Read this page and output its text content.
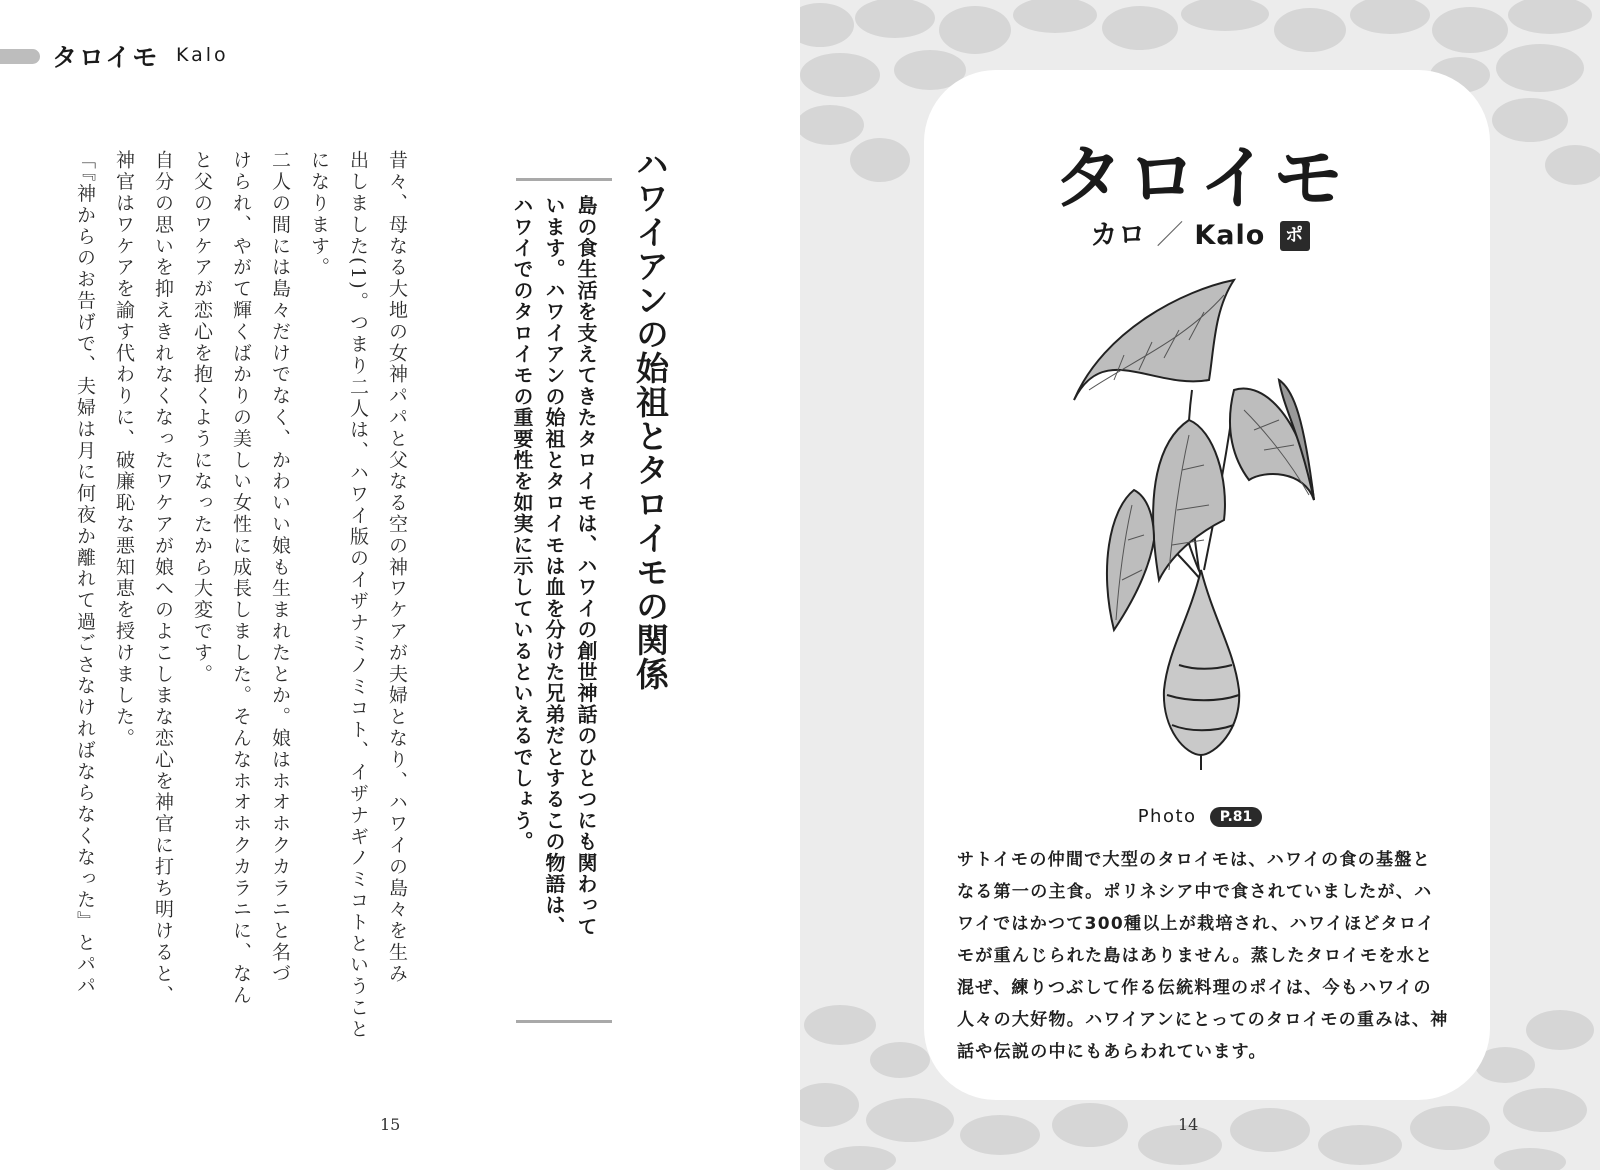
タロイモ Kalo
ハワイアンの始祖とタロイモの関係
島の食生活を支えてきたタロイモは、ハワイの創世神話のひとつにも関わって
います。ハワイアンの始祖とタロイモは血を分けた兄弟だとするこの物語は、
ハワイでのタロイモの重要性を如実に示しているといえるでしょう。
昔々、母なる大地の女神パパと父なる空の神ワケアが夫婦となり、ハワイの島々を生み
出しました(1)。つまり二人は、ハワイ版のイザナミノミコト、イザナギノミコトということ
になります。
二人の間には島々だけでなく、かわいい娘も生まれたとか。娘はホオホクカラニと名づ
けられ、やがて輝くばかりの美しい女性に成長しました。そんなホオホクカラニに、なん
と父のワケアが恋心を抱くようになったから大変です。
自分の思いを抑えきれなくなったワケアが娘へのよこしまな恋心を神官に打ち明けると、
神官はワケアを諭す代わりに、破廉恥な悪知恵を授けました。
「『神からのお告げで、夫婦は月に何夜か離れて過ごさなければならなくなった』とパパ
15
タロイモ
カロ ／ Kalo ポ
Photo P.81
サトイモの仲間で大型のタロイモは、ハワイの食の基盤と
なる第一の主食。ポリネシア中で食されていましたが、ハ
ワイではかつて300種以上が栽培され、ハワイほどタロイ
モが重んじられた島はありません。蒸したタロイモを水と
混ぜ、練りつぶして作る伝統料理のポイは、今もハワイの
人々の大好物。ハワイアンにとってのタロイモの重みは、神
話や伝説の中にもあらわれています。
14
